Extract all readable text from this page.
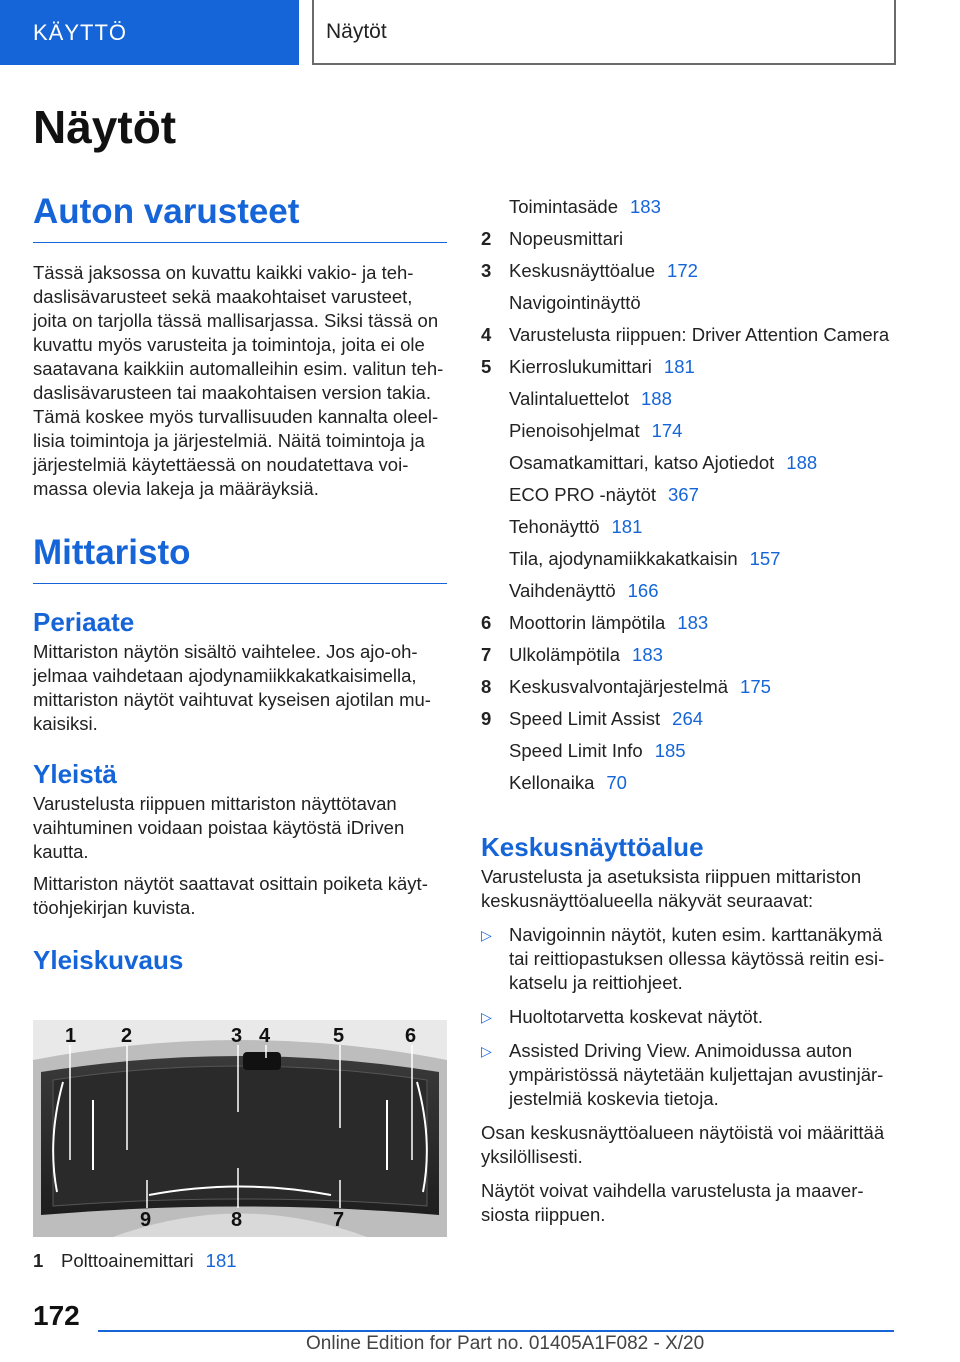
KÄYTTÖ	Näytöt
Näytöt
Auton varusteet

Tässä jaksossa on kuvattu kaikki vakio- ja tehdaslisävarusteet sekä maakohtaiset varusteet, joita on tarjolla tässä mallisarjassa. Siksi tässä on kuvattu myös varusteita ja toimintoja, joita ei ole saatavana kaikkiin automalleihin esim. valitun tehdaslisävarusteen tai maakohtaisen version takia. Tämä koskee myös turvallisuuden kannalta oleellisia toimintoja ja järjestelmiä. Näitä toimintoja ja järjestelmiä käytettäessä on noudatettava voimassa olevia lakeja ja määräyksiä.

Mittaristo
Periaate

Mittariston näytön sisältö vaihtelee. Jos ajo-ohjelmaa vaihdetaan ajodynamiikkakatkaisimella, mittariston näytöt vaihtuvat kyseisen ajotilan mukaisiksi.

Yleistä

Varustelusta riippuen mittariston näyttötavan vaihtuminen voidaan poistaa käytöstä iDriven kautta.

Mittariston näytöt saattavat osittain poiketa käyttöohjekirjan kuvista.

Yleiskuvaus
1 2	3 4	5	6
9	8	7
1 Polttoainemittari 181
Toimintasäde 183
2 Nopeusmittari
3 Keskusnäyttöalue 172
Navigointinäyttö
4 Varustelusta riippuen: Driver Attention Camera
5 Kierroslukumittari 181
Valintaluettelot 188
Pienoisohjelmat 174
Osamatkamittari, katso Ajotiedot 188
ECO PRO -näytöt 367
Tehonäyttö 181
Tila, ajodynamiikkakatkaisin 157
Vaihdenäyttö 166
6 Moottorin lämpötila 183
7 Ulkolämpötila 183
8 Keskusvalvontajärjestelmä 175
9 Speed Limit Assist 264
Speed Limit Info 185
Kellonaika 70
Keskusnäyttöalue

Varustelusta ja asetuksista riippuen mittariston keskusnäyttöalueella näkyvät seuraavat:

▷ Navigoinnin näytöt, kuten esim. karttanäkymä tai reittiopastuksen ollessa käytössä reitin esikatselu ja reittiohjeet.
▷ Huoltotarvetta koskevat näytöt.
▷ Assisted Driving View. Animoidussa auton ympäristössä näytetään kuljettajan avustinjärjestelmiä koskevia tietoja.

Osan keskusnäyttöalueen näytöistä voi määrittää yksilöllisesti.

Näytöt voivat vaihdella varustelusta ja maaversiosta riippuen.

172
Online Edition for Part no. 01405A1F082 - X/20
